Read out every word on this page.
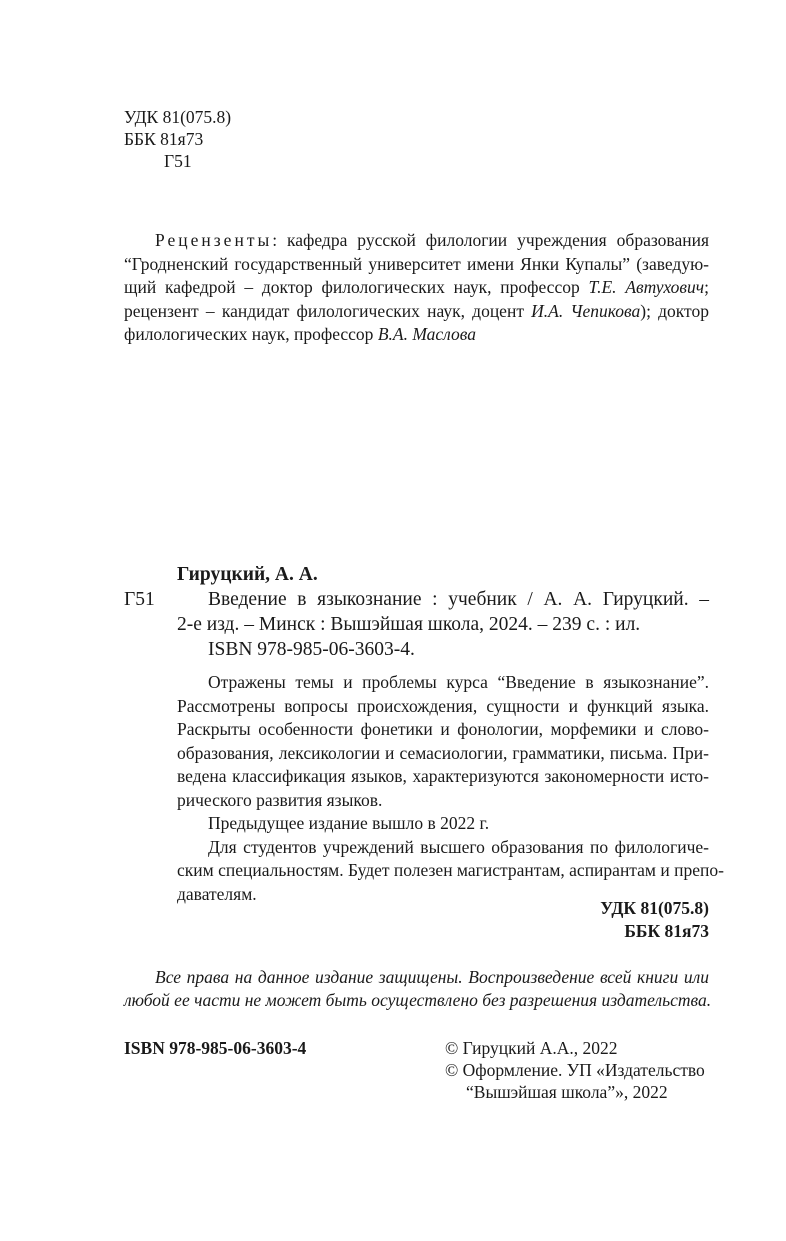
УДК 81(075.8)
ББК 81я73
Г51
Рецензенты: кафедра русской филологии учреждения образования
“Гродненский государственный университет имени Янки Купалы” (заведую-
щий кафедрой – доктор филологических наук, профессор Т.Е. Автухович;
рецензент – кандидат филологических наук, доцент И.А. Чепикова); доктор
филологических наук, профессор В.А. Маслова
Гируцкий, А. А.
Г51	Введение в языкознание : учебник / А. А. Гируцкий. –
2-е изд. – Минск : Вышэйшая школа, 2024. – 239 с. : ил.
ISBN 978-985-06-3603-4.
Отражены темы и проблемы курса “Введение в языкознание”.
Рассмотрены вопросы происхождения, сущности и функций языка.
Раскрыты особенности фонетики и фонологии, морфемики и слово-
образования, лексикологии и семасиологии, грамматики, письма. При-
ведена классификация языков, характеризуются закономерности исто-
рического развития языков.
Предыдущее издание вышло в 2022 г.
Для студентов учреждений высшего образования по филологиче-
ским специальностям. Будет полезен магистрантам, аспирантам и препо-
давателям.
УДК 81(075.8)
ББК 81я73
Все права на данное издание защищены. Воспроизведение всей книги или
любой ее части не может быть осуществлено без разрешения издательства.
ISBN 978-985-06-3603-4	© Гируцкий А.А., 2022
© Оформление. УП «Издательство
“Вышэйшая школа”», 2022
